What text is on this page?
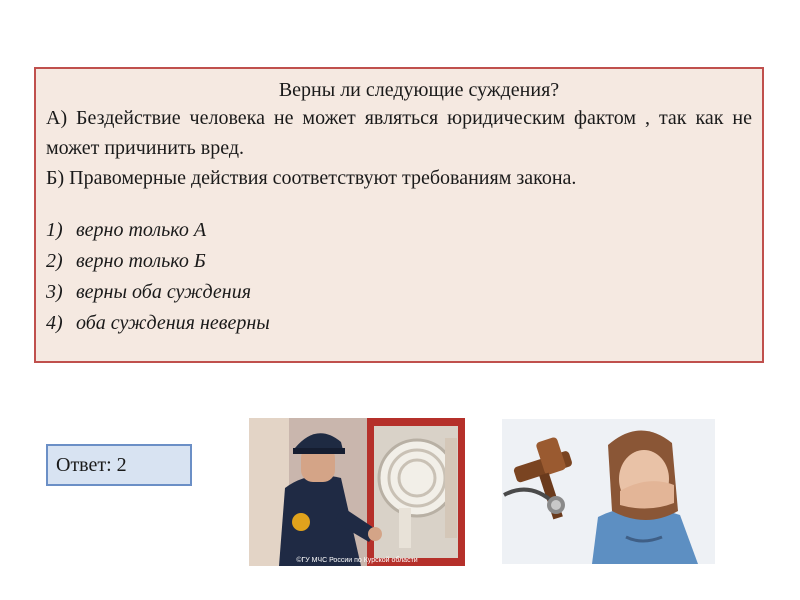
Верны ли следующие суждения?
А) Бездействие человека не может являться юридическим фактом , так как не может причинить вред.
Б) Правомерные действия соответствуют требованиям закона.
1) верно только А
2) верно только Б
3) верны оба суждения
4) оба суждения неверны
Ответ: 2
©ГУ МЧС России по Курской области
